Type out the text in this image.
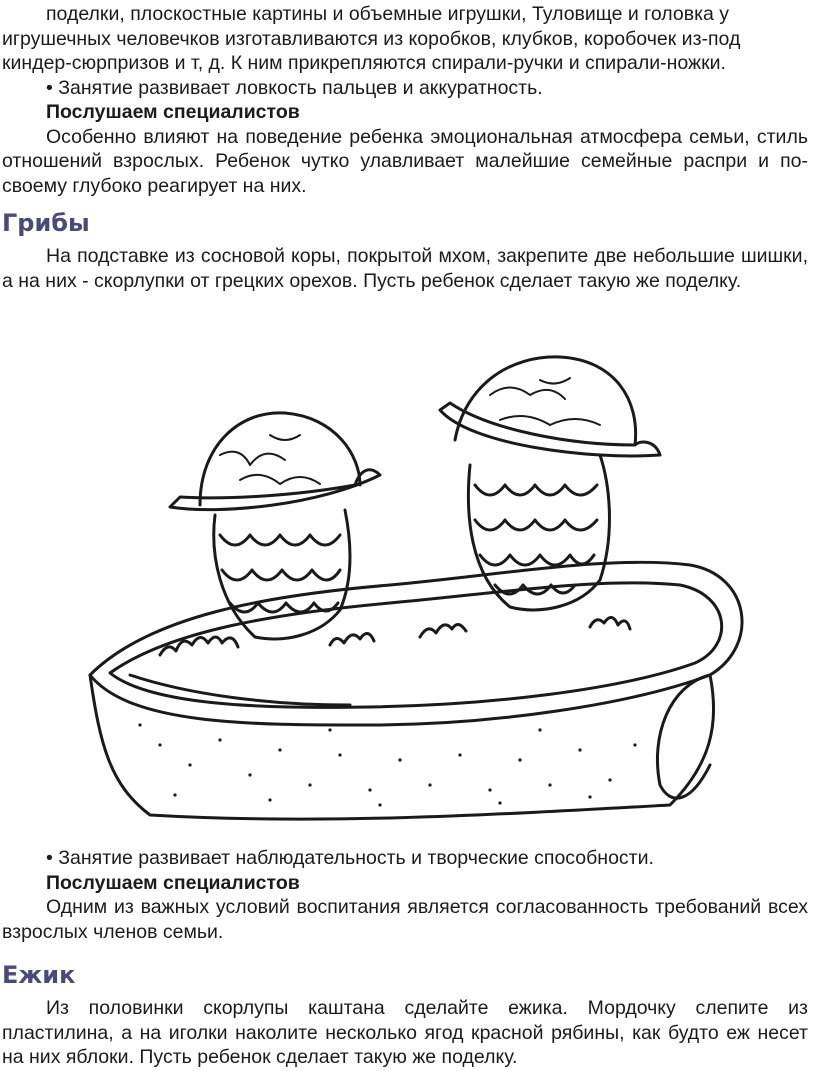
поделки, плоскостные картины и объемные игрушки, Туловище и головка у

игрушечных человечков изготавливаются из коробков, клубков, коробочек из-под

киндер-сюрпризов и т, д. К ним прикрепляются спирали-ручки и спирали-ножки.

• Занятие развивает ловкость пальцев и аккуратность.

Послушаем специалистов

Особенно влияют на поведение ребенка эмоциональная атмосфера семьи, стиль отношений взрослых. Ребенок чутко улавливает малейшие семейные распри и по-своему глубоко реагирует на них.

Грибы

На подставке из сосновой коры, покрытой мхом, закрепите две небольшие шишки, а на них - скорлупки от грецких орехов. Пусть ребенок сделает такую же поделку.

• Занятие развивает наблюдательность и творческие способности.

Послушаем специалистов

Одним из важных условий воспитания является согласованность требований всех взрослых членов семьи.

Ежик

Из половинки скорлупы каштана сделайте ежика. Мордочку слепите из пластилина, а на иголки наколите несколько ягод красной рябины, как будто еж несет на них яблоки. Пусть ребенок сделает такую же поделку.
